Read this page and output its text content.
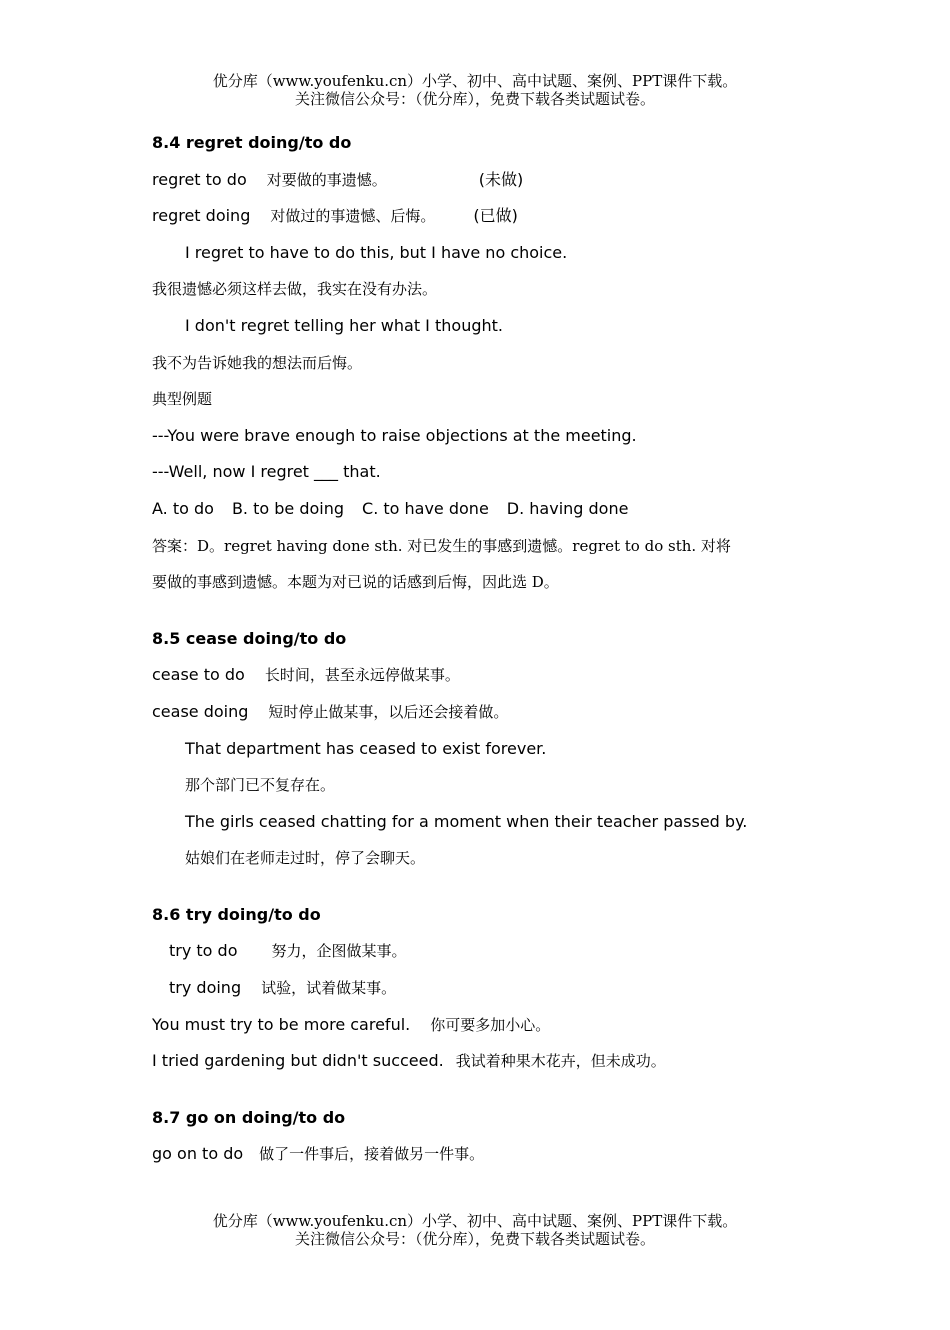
优分库（www.youfenku.cn）小学、初中、高中试题、案例、PPT课件下载。
关注微信公众号：（优分库），免费下载各类试题试卷。
8.4 regret doing/to do
regret to do 对要做的事遗憾。	(未做)
regret doing 对做过的事遗憾、后悔。 (已做)
I regret to have to do this, but I have no choice.
我很遗憾必须这样去做，我实在没有办法。
I don't regret telling her what I thought.
我不为告诉她我的想法而后悔。
典型例题
---You were brave enough to raise objections at the meeting.
---Well, now I regret ___ that.
A. to do B. to be doing C. to have done D. having done
答案：D。regret having done sth. 对已发生的事感到遗憾。regret to do sth. 对将
要做的事感到遗憾。本题为对已说的话感到后悔，因此选 D。
8.5 cease doing/to do
cease to do 长时间，甚至永远停做某事。
cease doing 短时停止做某事，以后还会接着做。
That department has ceased to exist forever.
那个部门已不复存在。
The girls ceased chatting for a moment when their teacher passed by.
姑娘们在老师走过时，停了会聊天。
8.6 try doing/to do
try to do 努力，企图做某事。
try doing 试验，试着做某事。
You must try to be more careful. 你可要多加小心。
I tried gardening but didn't succeed. 我试着种果木花卉，但未成功。
8.7 go on doing/to do
go on to do 做了一件事后，接着做另一件事。
优分库（www.youfenku.cn）小学、初中、高中试题、案例、PPT课件下载。
关注微信公众号：（优分库），免费下载各类试题试卷。
